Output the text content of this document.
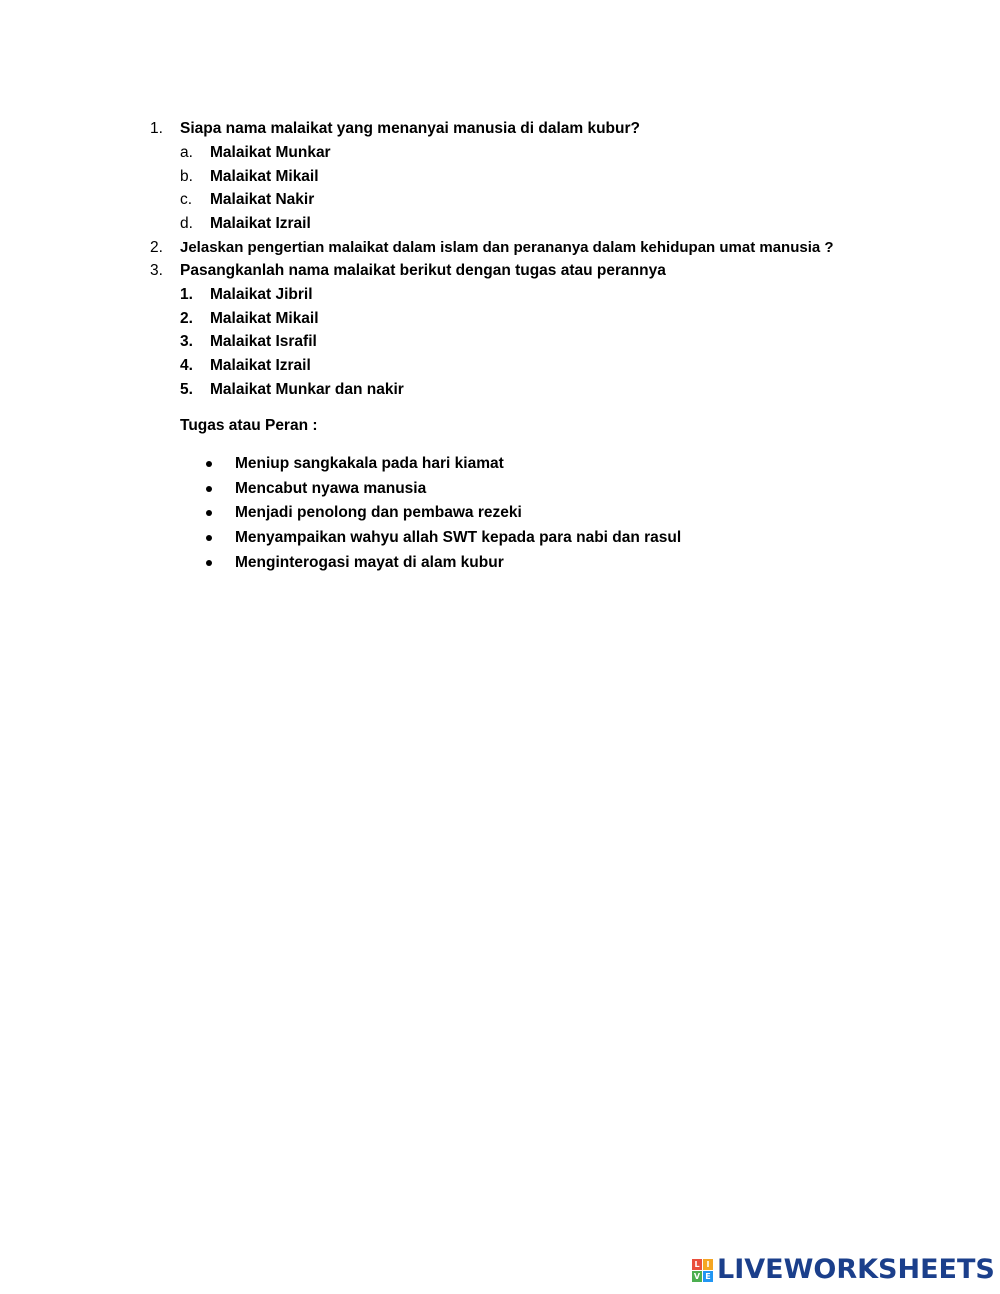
1. Siapa nama malaikat yang menanyai manusia di dalam kubur?
a. Malaikat Munkar
b. Malaikat Mikail
c. Malaikat Nakir
d. Malaikat Izrail
2. Jelaskan pengertian malaikat dalam islam dan perananya dalam kehidupan umat manusia ?
3. Pasangkanlah nama malaikat berikut dengan tugas atau perannya
1. Malaikat Jibril
2. Malaikat Mikail
3. Malaikat Israfil
4. Malaikat Izrail
5. Malaikat Munkar dan nakir
Tugas atau Peran :
Meniup sangkakala pada hari kiamat
Mencabut nyawa manusia
Menjadi penolong dan pembawa rezeki
Menyampaikan wahyu allah SWT kepada para nabi dan rasul
Menginterogasi mayat di alam kubur
L I
V E LIVEWORKSHEETS
